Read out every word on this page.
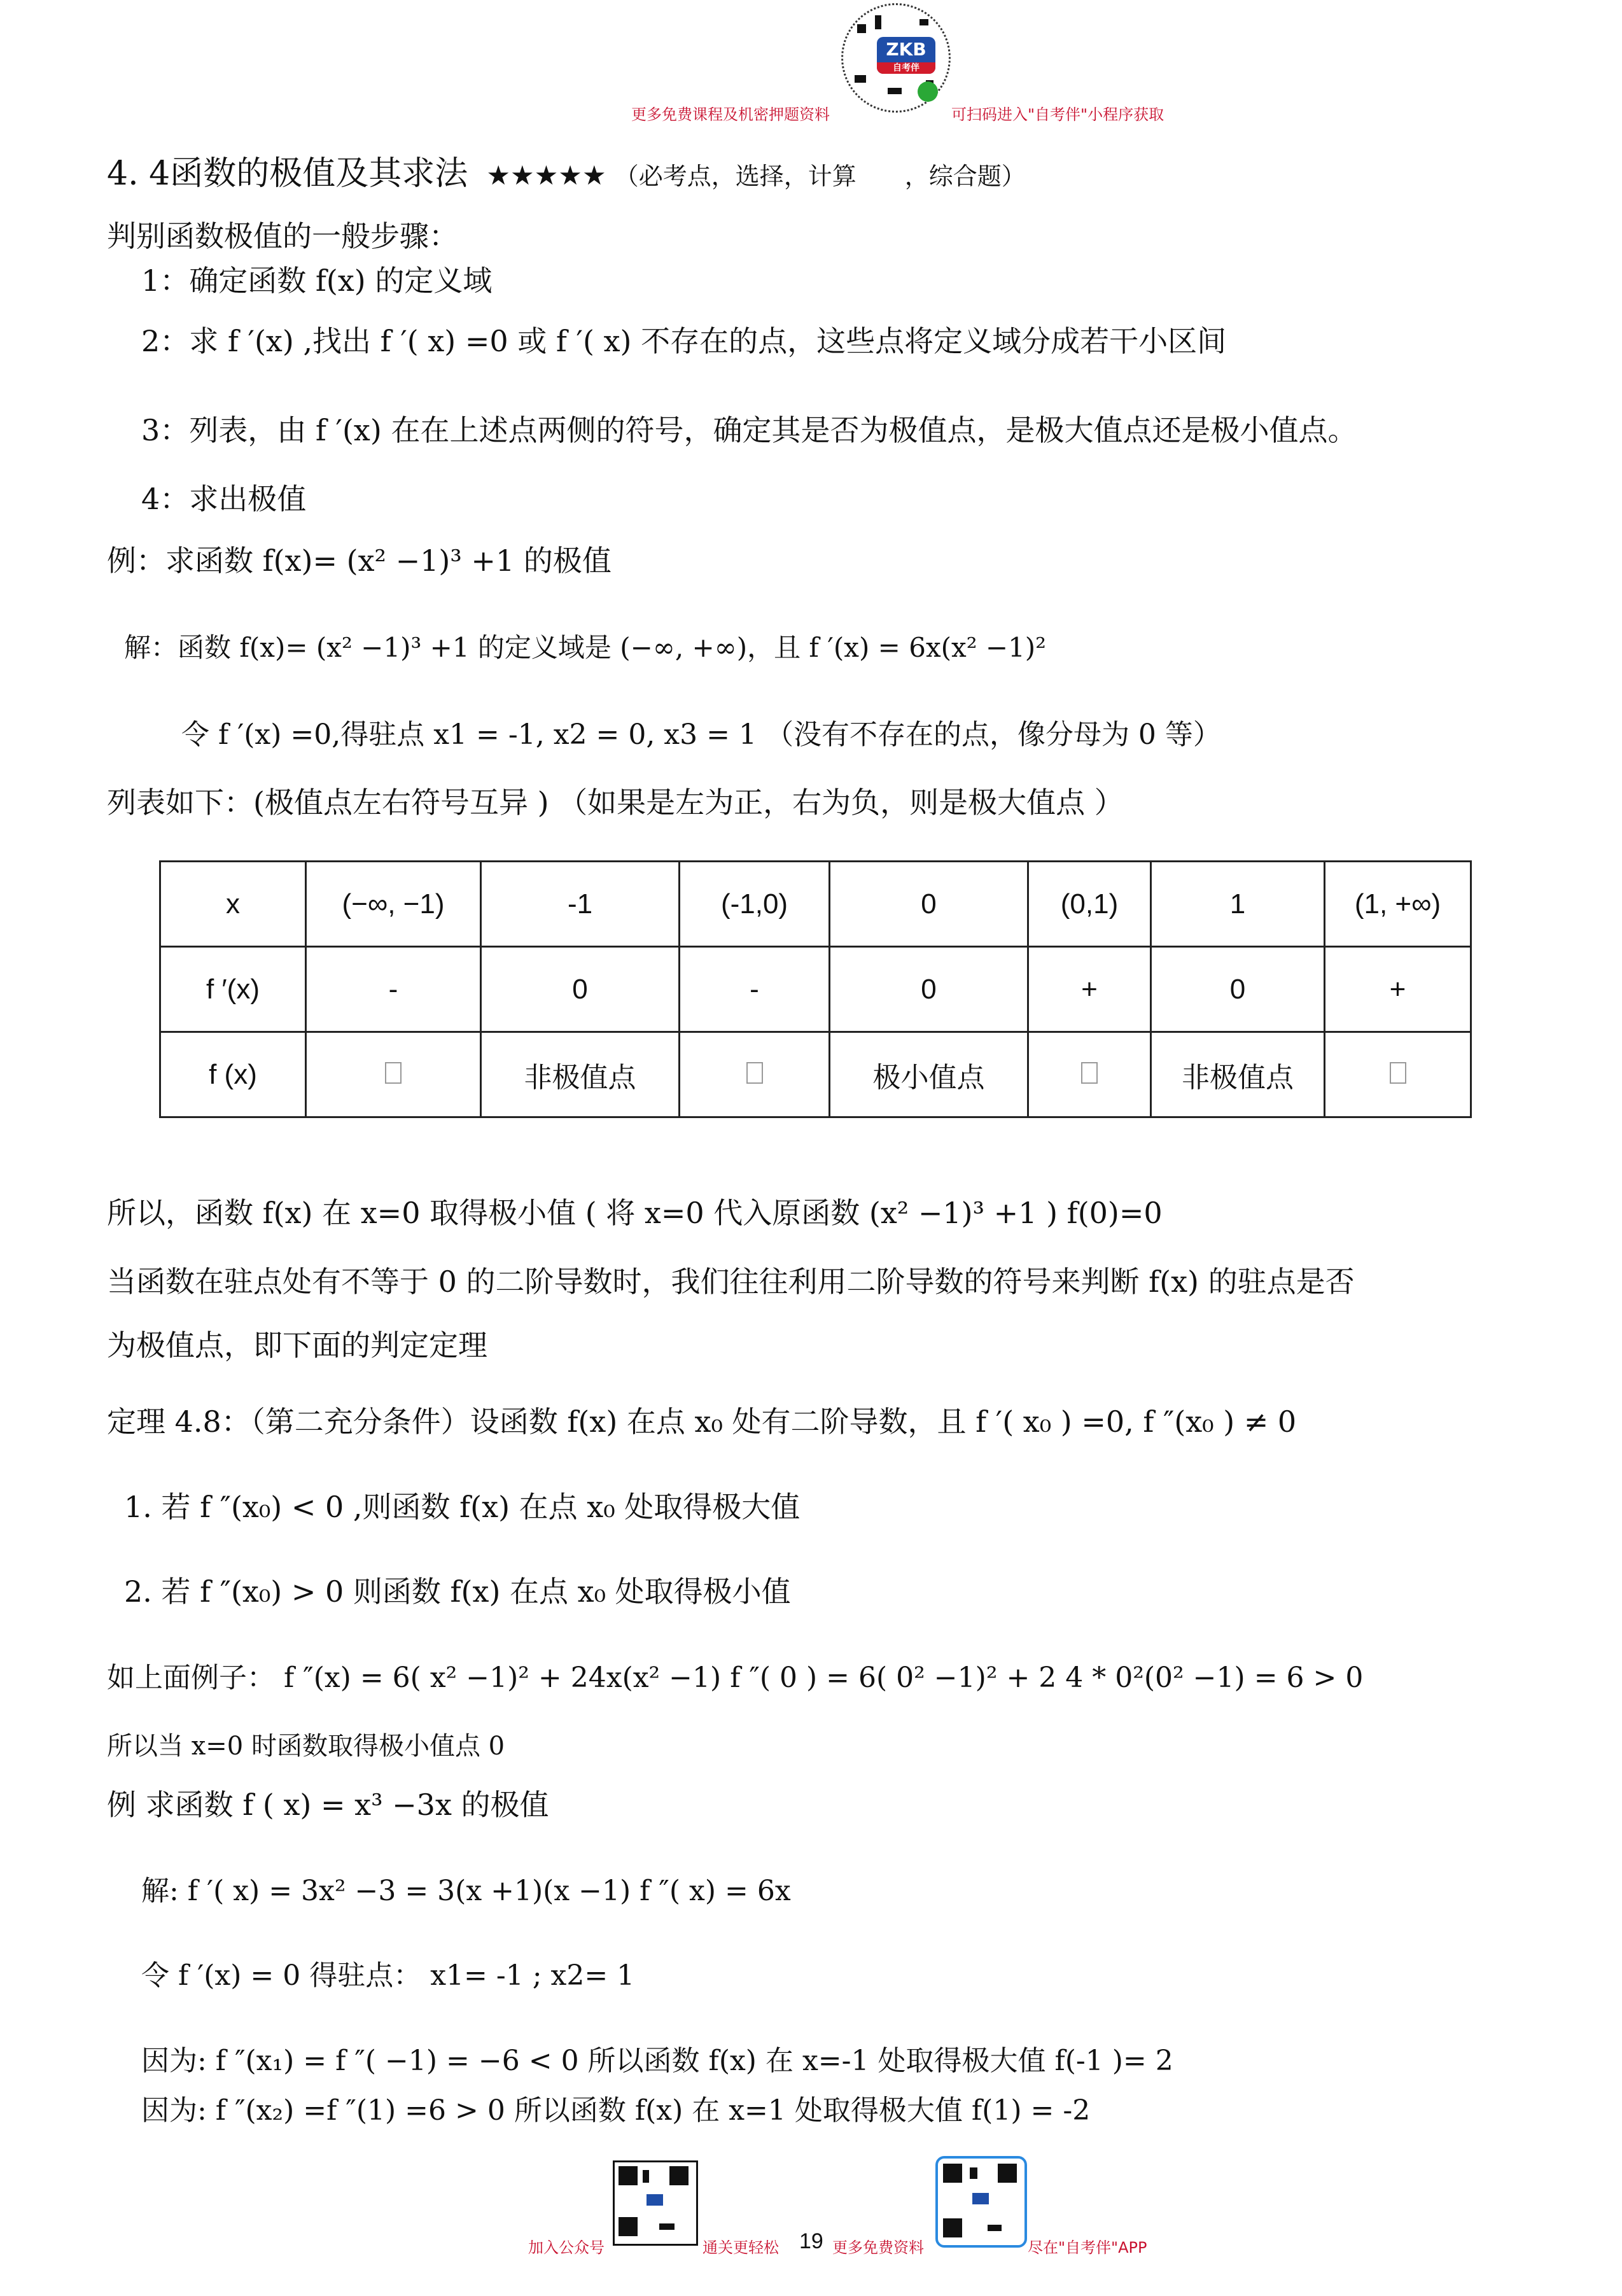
ZKB
自考伴
更多免费课程及机密押题资料	可扫码进入"自考伴"小程序获取
4. 4函数的极值及其求法 ★★★★★ （必考点，选择，计算　　，综合题）
判别函数极值的一般步骤：
1：确定函数 f(x) 的定义域
2：求 f ′(x) ,找出 f ′( x) =0 或 f ′( x) 不存在的点，这些点将定义域分成若干小区间
3：列表，由 f ′(x) 在在上述点两侧的符号，确定其是否为极值点，是极大值点还是极小值点。
4：求出极值
例：求函数 f(x)= (x² −1)³ +1 的极值
解：函数 f(x)= (x² −1)³ +1 的定义域是 (−∞, +∞)，且 f ′(x) = 6x(x² −1)²
令 f ′(x) =0,得驻点 x1 = -1, x2 = 0, x3 = 1 （没有不存在的点，像分母为 0 等）
列表如下：(极值点左右符号互异 ) （如果是左为正，右为负，则是极大值点 ）
x	(−∞, −1)	-1	(-1,0)	0	(0,1)	1	(1, +∞)
f ′(x)	-	0	-	0	+	0	+
f (x)		非极值点		极小值点		非极值点	
所以，函数 f(x) 在 x=0 取得极小值 ( 将 x=0 代入原函数 (x² −1)³ +1 ) f(0)=0
当函数在驻点处有不等于 0 的二阶导数时，我们往往利用二阶导数的符号来判断 f(x) 的驻点是否
为极值点，即下面的判定定理
定理 4.8：（第二充分条件）设函数 f(x) 在点 x₀ 处有二阶导数，且 f ′( x₀ ) =0, f ″(x₀ ) ≠ 0
1. 若 f ″(x₀) < 0 ,则函数 f(x) 在点 x₀ 处取得极大值
2. 若 f ″(x₀) > 0 则函数 f(x) 在点 x₀ 处取得极小值
如上面例子： f ″(x) = 6( x² −1)² + 24x(x² −1) f ″( 0 ) = 6( 0² −1)² + 2 4 * 0²(0² −1) = 6 > 0
所以当 x=0 时函数取得极小值点 0
例 求函数 f ( x) = x³ −3x 的极值
解: f ′( x) = 3x² −3 = 3(x +1)(x −1) f ″( x) = 6x
令 f ′(x) = 0 得驻点： x1= -1 ; x2= 1
因为: f ″(x₁) = f ″( −1) = −6 < 0 所以函数 f(x) 在 x=-1 处取得极大值 f(-1 )= 2
因为: f ″(x₂) =f ″(1) =6 > 0 所以函数 f(x) 在 x=1 处取得极大值 f(1) = -2
加入公众号	通关更轻松 19 更多免费资料	尽在"自考伴"APP
